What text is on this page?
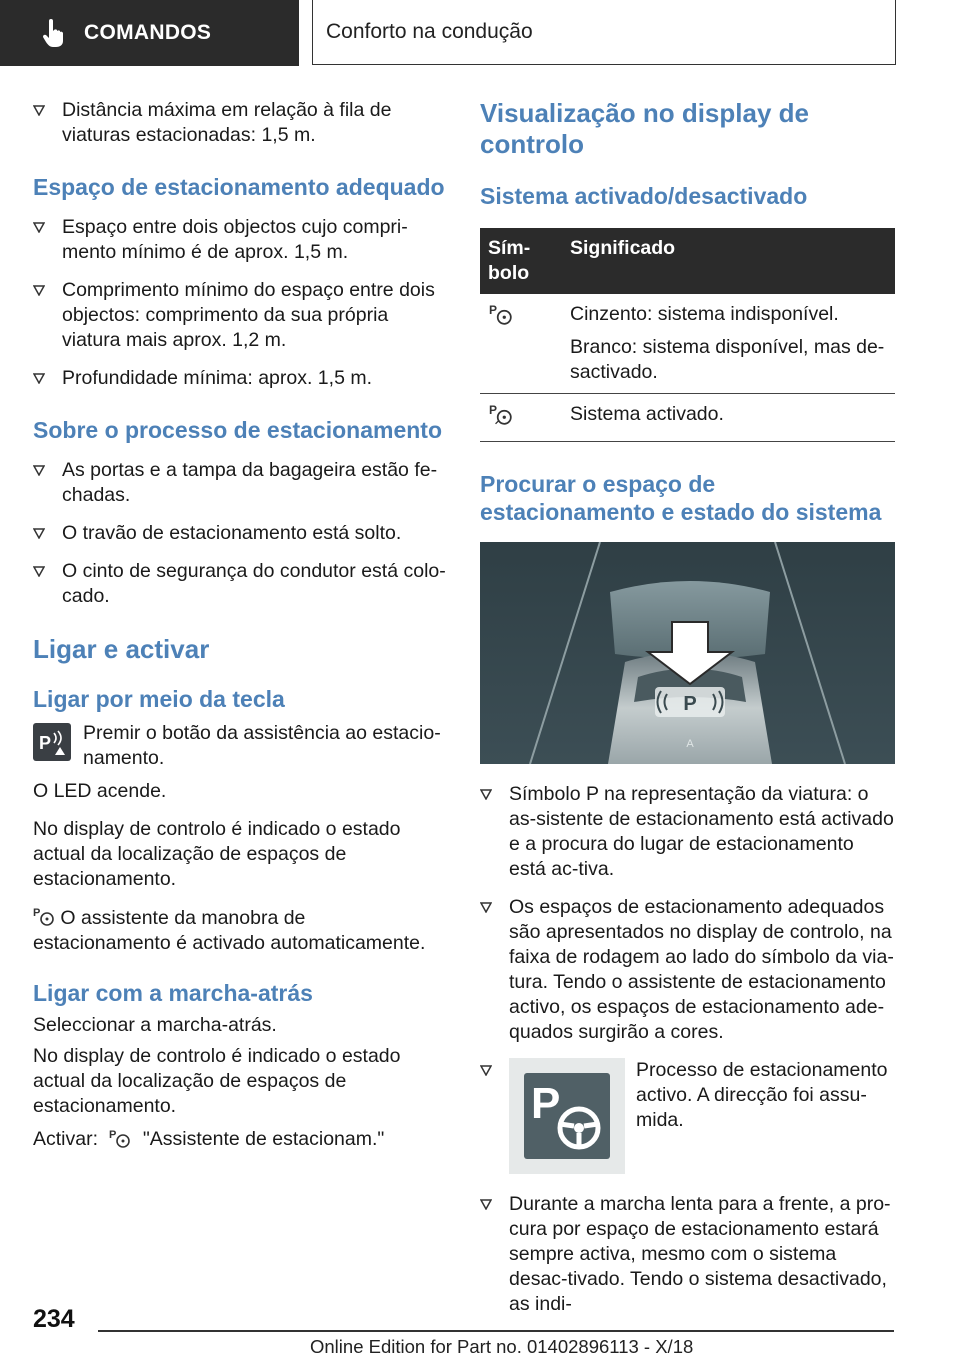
COMANDOS	Conforto na condução
Distância máxima em relação à fila de viaturas estacionadas: 1,5 m.
Espaço de estacionamento adequado
Espaço entre dois objectos cujo compri-mento mínimo é de aprox. 1,5 m.
Comprimento mínimo do espaço entre dois objectos: comprimento da sua própria viatura mais aprox. 1,2 m.
Profundidade mínima: aprox. 1,5 m.
Sobre o processo de estacionamento
As portas e a tampa da bagageira estão fe-chadas.
O travão de estacionamento está solto.
O cinto de segurança do condutor está colo-cado.
Ligar e activar
Ligar por meio da tecla
P Premir o botão da assistência ao estacio-namento.
O LED acende.
No display de controlo é indicado o estado actual da localização de espaços de estacionamento.
P O assistente da manobra de estacionamento é activado automaticamente.
Ligar com a marcha-atrás
Seleccionar a marcha-atrás.
No display de controlo é indicado o estado actual da localização de espaços de estacionamento.
Activar: P "Assistente de estacionam."
Visualização no display de controlo
Sistema activado/desactivado
Sím-bolo	Significado

P	Cinzento: sistema indisponível.

Branco: sistema disponível, mas de-sactivado.

P	Sistema activado.
Procurar o espaço de estacionamento e estado do sistema
P
A
Símbolo P na representação da viatura: o as-sistente de estacionamento está activado e a procura do lugar de estacionamento está ac-tiva.
Os espaços de estacionamento adequados são apresentados no display de controlo, na faixa de rodagem ao lado do símbolo da via-tura. Tendo o assistente de estacionamento activo, os espaços de estacionamento ade-quados surgirão a cores.
P
Processo de estacionamento activo. A direcção foi assu-mida.
Durante a marcha lenta para a frente, a pro-cura por espaço de estacionamento estará sempre activa, mesmo com o sistema desac-tivado. Tendo o sistema desactivado, as indi-
234
Online Edition for Part no. 01402896113 - X/18
